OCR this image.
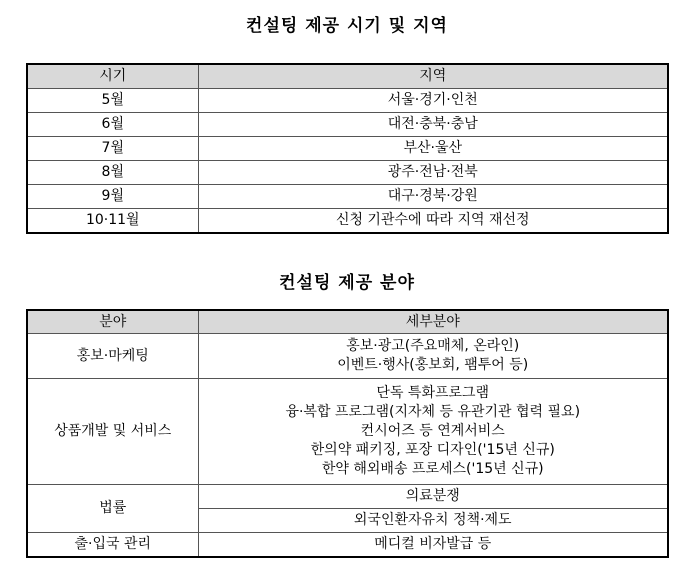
컨설팅 제공 시기 및 지역
시기	지역
5월	서울·경기·인천
6월	대전·충북·충남
7월	부산·울산
8월	광주·전남·전북
9월	대구·경북·강원
10·11월	신청 기관수에 따라 지역 재선정
컨설팅 제공 분야
분야	세부분야
홍보·마케팅	홍보·광고(주요매체, 온라인)
이벤트·행사(홍보회, 팸투어 등)

상품개발 및 서비스	단독 특화프로그램
융·복합 프로그램(지자체 등 유관기관 협력 필요)
컨시어즈 등 연계서비스
한의약 패키징, 포장 디자인('15년 신규)
한약 해외배송 프로세스('15년 신규)

법률	의료분쟁
	외국인환자유치 정책·제도
출·입국 관리	메디컬 비자발급 등
